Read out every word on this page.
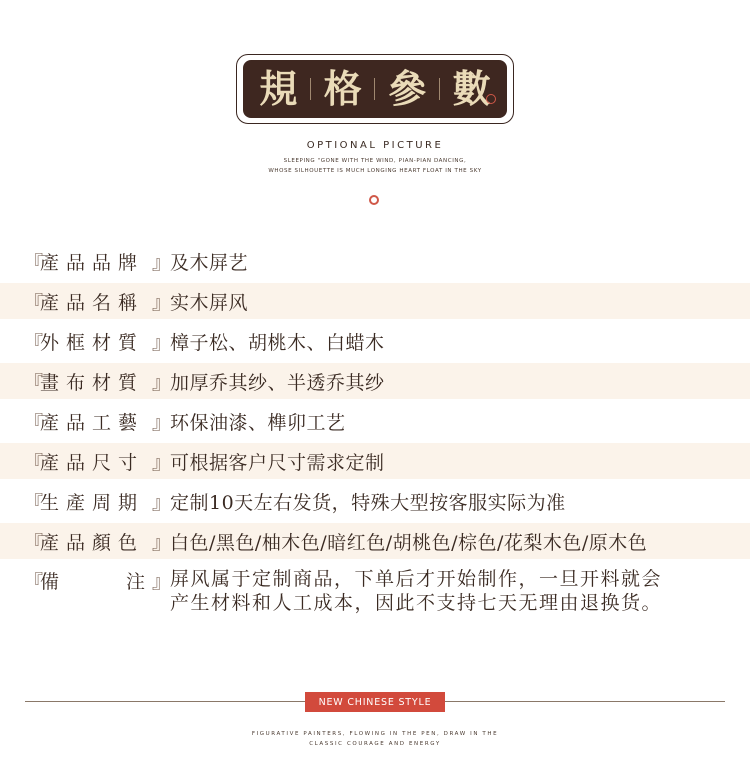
規 格 參 數
OPTIONAL PICTURE
SLEEPING "GONE WITH THE WIND, PIAN-PIAN DANCING,
WHOSE SILHOUETTE IS MUCH LONGING HEART FLOAT IN THE SKY
『
產品品牌 』
及木屏艺
『
產品名稱 』
实木屏风
『
外框材質 』
樟子松、胡桃木、白蜡木
『
畫布材質 』
加厚乔其纱、半透乔其纱
『
產品工藝 』
环保油漆、榫卯工艺
『
產品尺寸 』
可根据客户尺寸需求定制
『
生產周期 』
定制10天左右发货，特殊大型按客服实际为准
『
產品顏色 』
白色/黑色/柚木色/暗红色/胡桃色/棕色/花梨木色/原木色
『
備	注 』
屏风属于定制商品，下单后才开始制作，一旦开料就会
产生材料和人工成本，因此不支持七天无理由退换货。
NEW CHINESE STYLE
FIGURATIVE PAINTERS, FLOWING IN THE PEN, DRAW IN THE
CLASSIC COURAGE AND ENERGY
